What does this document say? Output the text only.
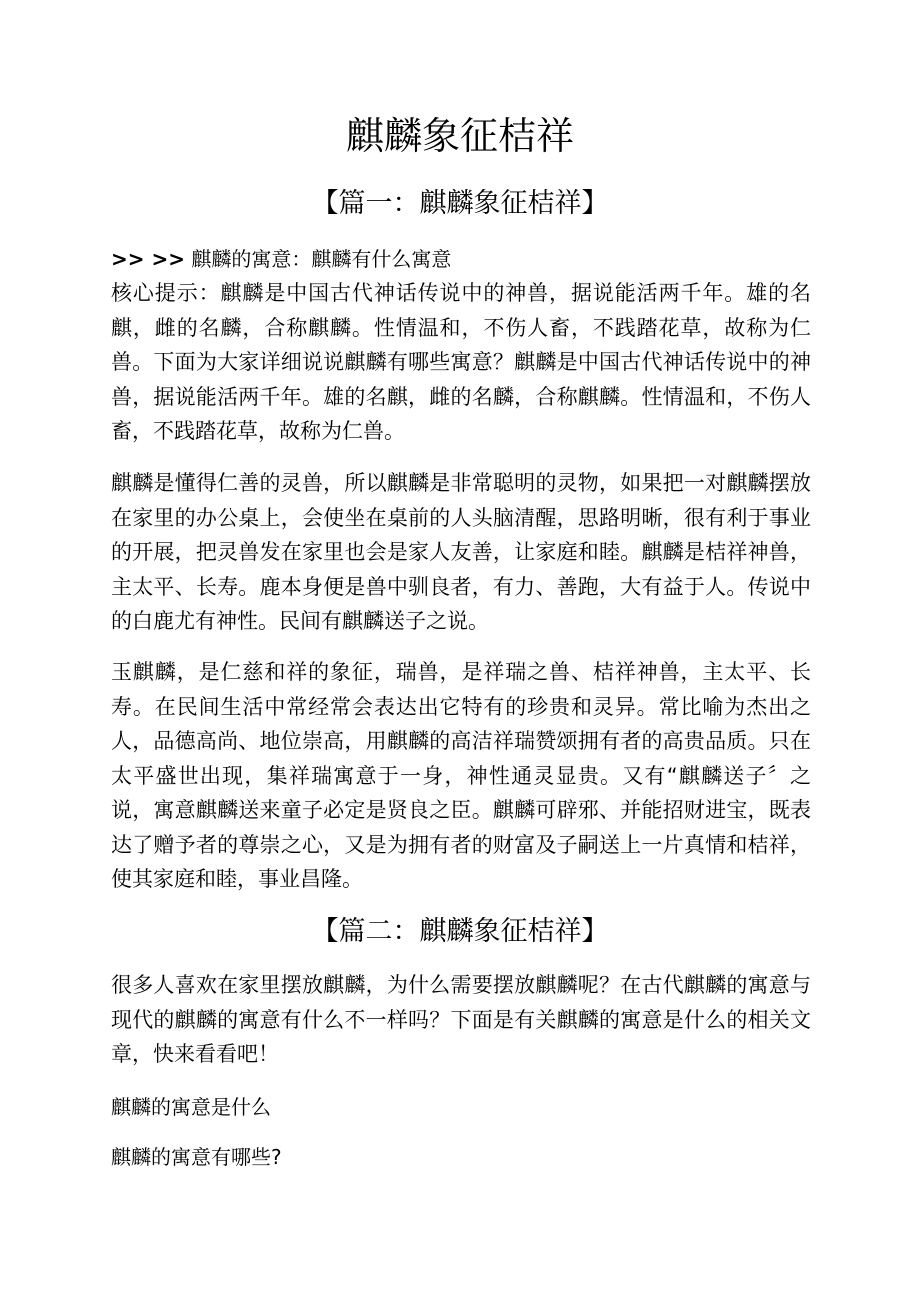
麒麟象征桔祥
【篇一：麒麟象征桔祥】

>> >> 麒麟的寓意：麒麟有什么寓意

核心提示：麒麟是中国古代神话传说中的神兽，据说能活两千年。雄的名麒，雌的名麟，合称麒麟。性情温和，不伤人畜，不践踏花草，故称为仁兽。下面为大家详细说说麒麟有哪些寓意？麒麟是中国古代神话传说中的神兽，据说能活两千年。雄的名麒，雌的名麟，合称麒麟。性情温和，不伤人畜，不践踏花草，故称为仁兽。

麒麟是懂得仁善的灵兽，所以麒麟是非常聪明的灵物，如果把一对麒麟摆放在家里的办公桌上，会使坐在桌前的人头脑清醒，思路明晰，很有利于事业的开展，把灵兽发在家里也会是家人友善，让家庭和睦。麒麟是桔祥神兽，主太平、长寿。鹿本身便是兽中驯良者，有力、善跑，大有益于人。传说中的白鹿尤有神性。民间有麒麟送子之说。

玉麒麟，是仁慈和祥的象征，瑞兽，是祥瑞之兽、桔祥神兽，主太平、长寿。在民间生活中常经常会表达出它特有的珍贵和灵异。常比喻为杰出之人，品德高尚、地位崇高，用麒麟的高洁祥瑞赞颂拥有者的高贵品质。只在太平盛世出现，集祥瑞寓意于一身，神性通灵显贵。又有“麒麟送子〞之说，寓意麒麟送来童子必定是贤良之臣。麒麟可辟邪、并能招财进宝，既表达了赠予者的尊崇之心，又是为拥有者的财富及子嗣送上一片真情和桔祥，使其家庭和睦，事业昌隆。

【篇二：麒麟象征桔祥】

很多人喜欢在家里摆放麒麟，为什么需要摆放麒麟呢？在古代麒麟的寓意与现代的麒麟的寓意有什么不一样吗？下面是有关麒麟的寓意是什么的相关文章，快来看看吧！

麒麟的寓意是什么

麒麟的寓意有哪些?
